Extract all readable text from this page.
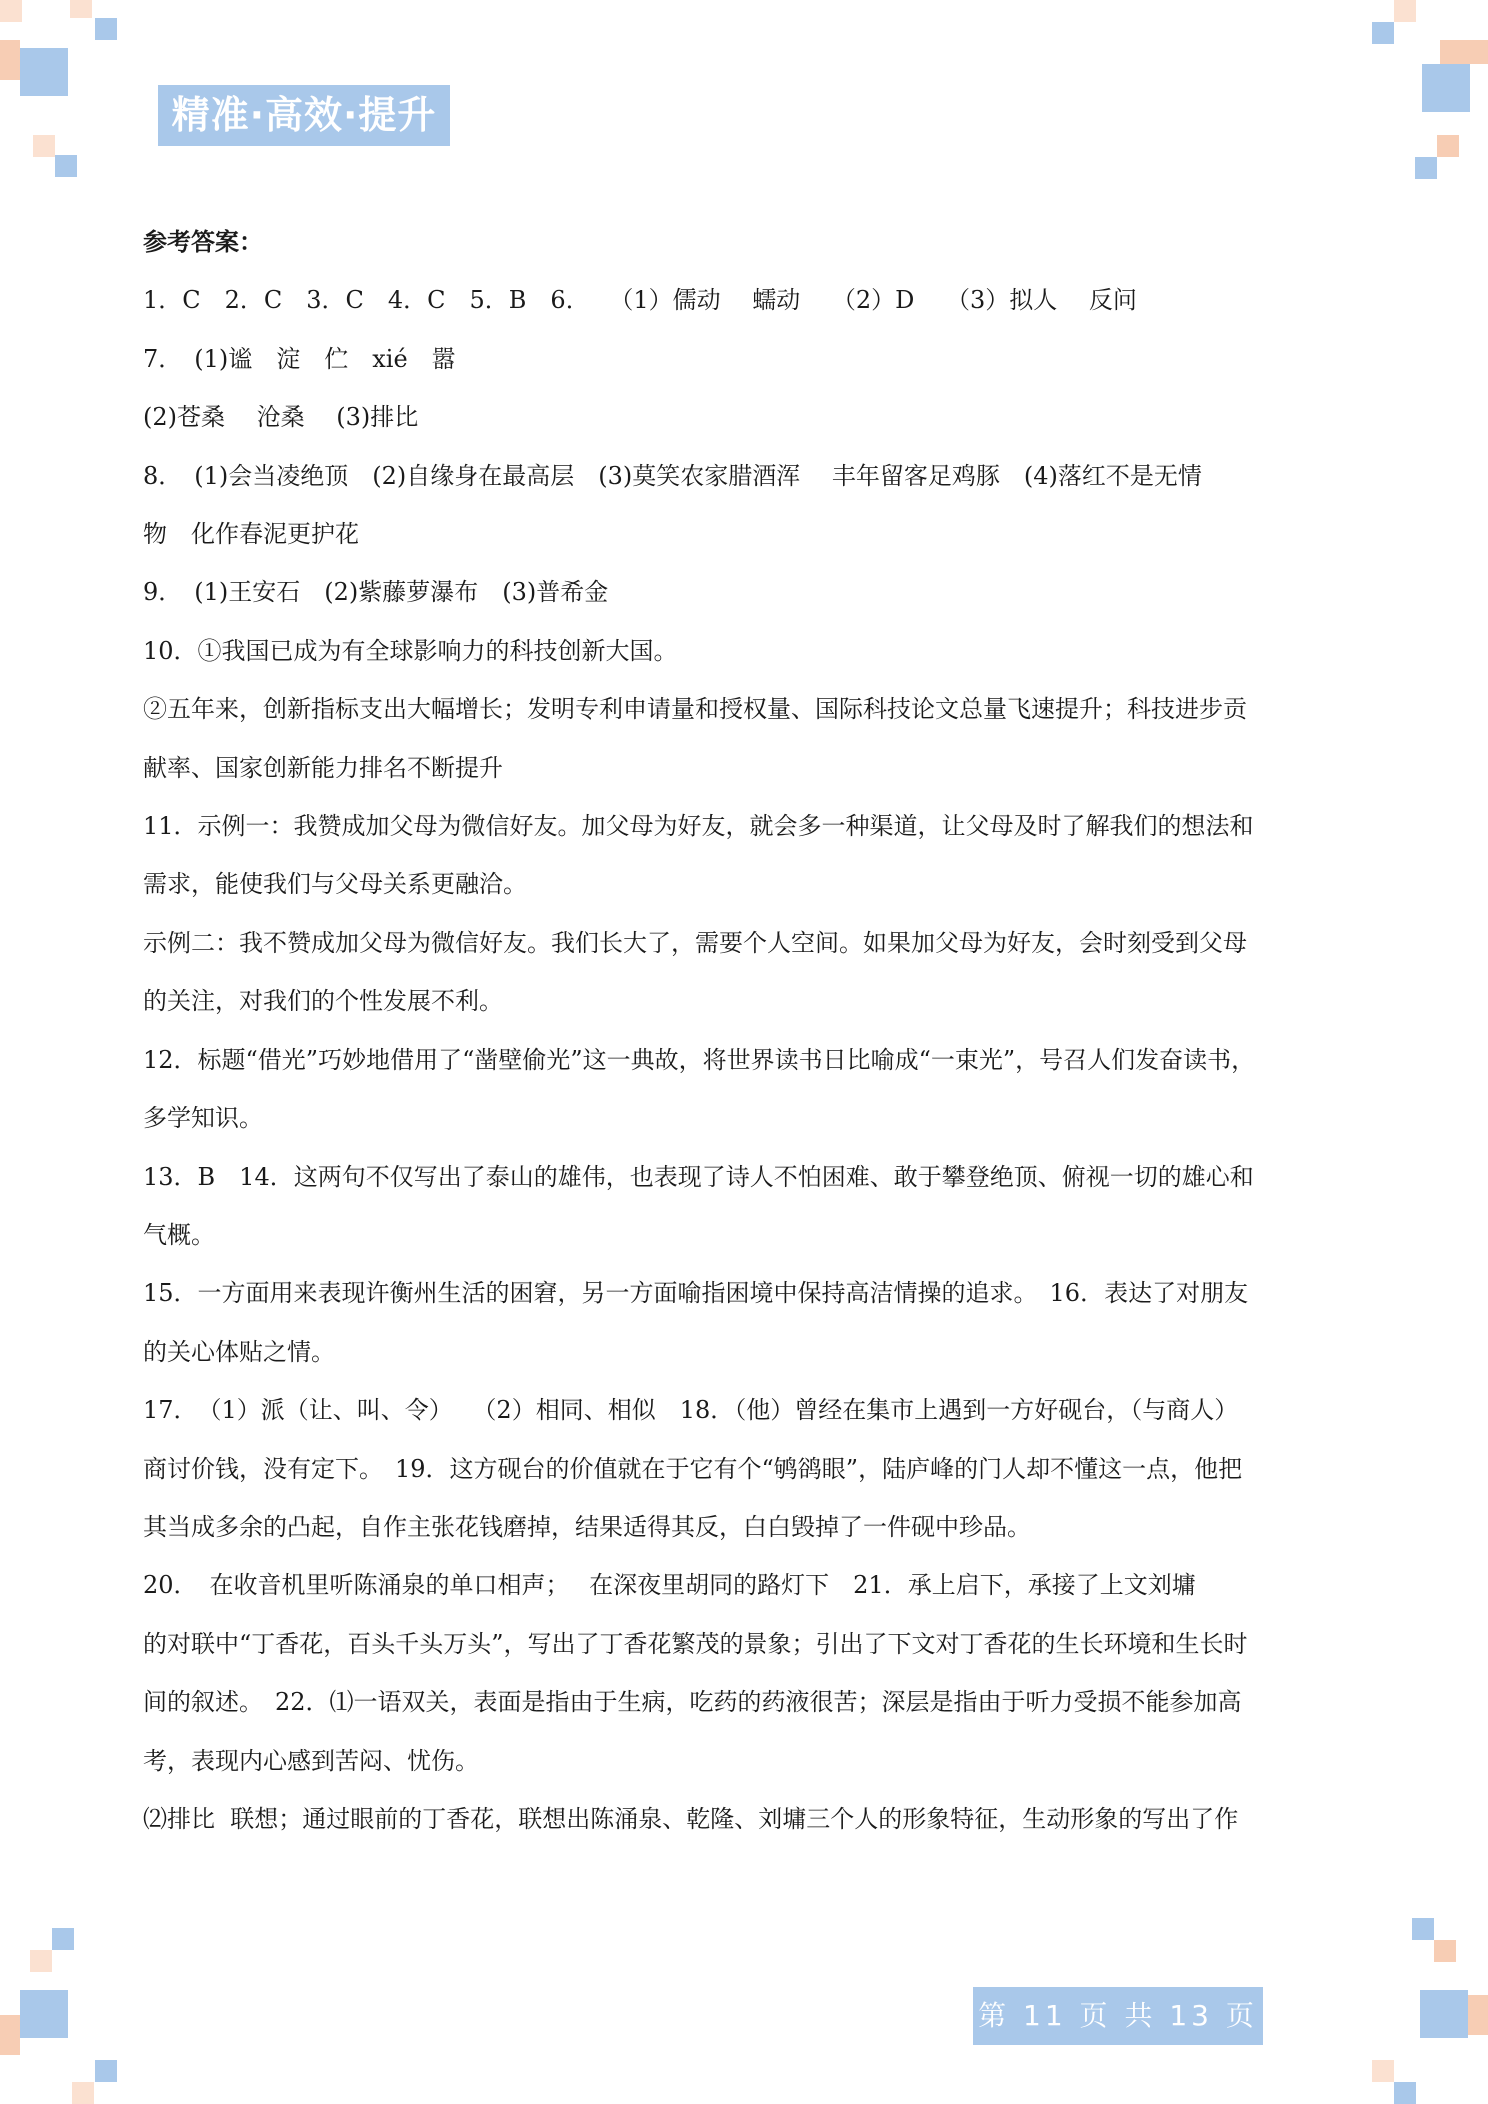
精准·高效·提升

参考答案：

1．C　2．C　3．C　4．C　5．B　6．　 （1）儒动　 蠕动　 （2）D　 （3）拟人　 反问

7．　(1)谧　淀　伫　xié　嚣

(2)苍桑　 沧桑　 (3)排比

8．　(1)会当凌绝顶　(2)自缘身在最高层　(3)莫笑农家腊酒浑　 丰年留客足鸡豚　(4)落红不是无情

物　化作春泥更护花

9．　(1)王安石　(2)紫藤萝瀑布　(3)普希金

10．①我国已成为有全球影响力的科技创新大国。

②五年来，创新指标支出大幅增长；发明专利申请量和授权量、国际科技论文总量飞速提升；科技进步贡

献率、国家创新能力排名不断提升

11．示例一：我赞成加父母为微信好友。加父母为好友，就会多一种渠道，让父母及时了解我们的想法和

需求，能使我们与父母关系更融洽。

示例二：我不赞成加父母为微信好友。我们长大了，需要个人空间。如果加父母为好友，会时刻受到父母

的关注，对我们的个性发展不利。

12．标题“借光”巧妙地借用了“凿壁偷光”这一典故，将世界读书日比喻成“一束光”，号召人们发奋读书，

多学知识。

13．B　14．这两句不仅写出了泰山的雄伟，也表现了诗人不怕困难、敢于攀登绝顶、俯视一切的雄心和

气概。

15．一方面用来表现许衡州生活的困窘，另一方面喻指困境中保持高洁情操的追求。　16．表达了对朋友

的关心体贴之情。

17．　（1）派（让、叫、令）　 （2）相同、相似　18．（他）曾经在集市上遇到一方好砚台，（与商人）

商讨价钱，没有定下。　19．这方砚台的价值就在于它有个“鸲鹆眼”，陆庐峰的门人却不懂这一点，他把

其当成多余的凸起，自作主张花钱磨掉，结果适得其反，白白毁掉了一件砚中珍品。

20．　在收音机里听陈涌泉的单口相声；　 在深夜里胡同的路灯下　21．承上启下，承接了上文刘墉

的对联中“丁香花，百头千头万头”，写出了丁香花繁茂的景象；引出了下文对丁香花的生长环境和生长时

间的叙述。　22．⑴一语双关，表面是指由于生病，吃药的药液很苦；深层是指由于听力受损不能参加高

考，表现内心感到苦闷、忧伤。

⑵排比  联想；通过眼前的丁香花，联想出陈涌泉、乾隆、刘墉三个人的形象特征，生动形象的写出了作

第 11 页 共 13 页
